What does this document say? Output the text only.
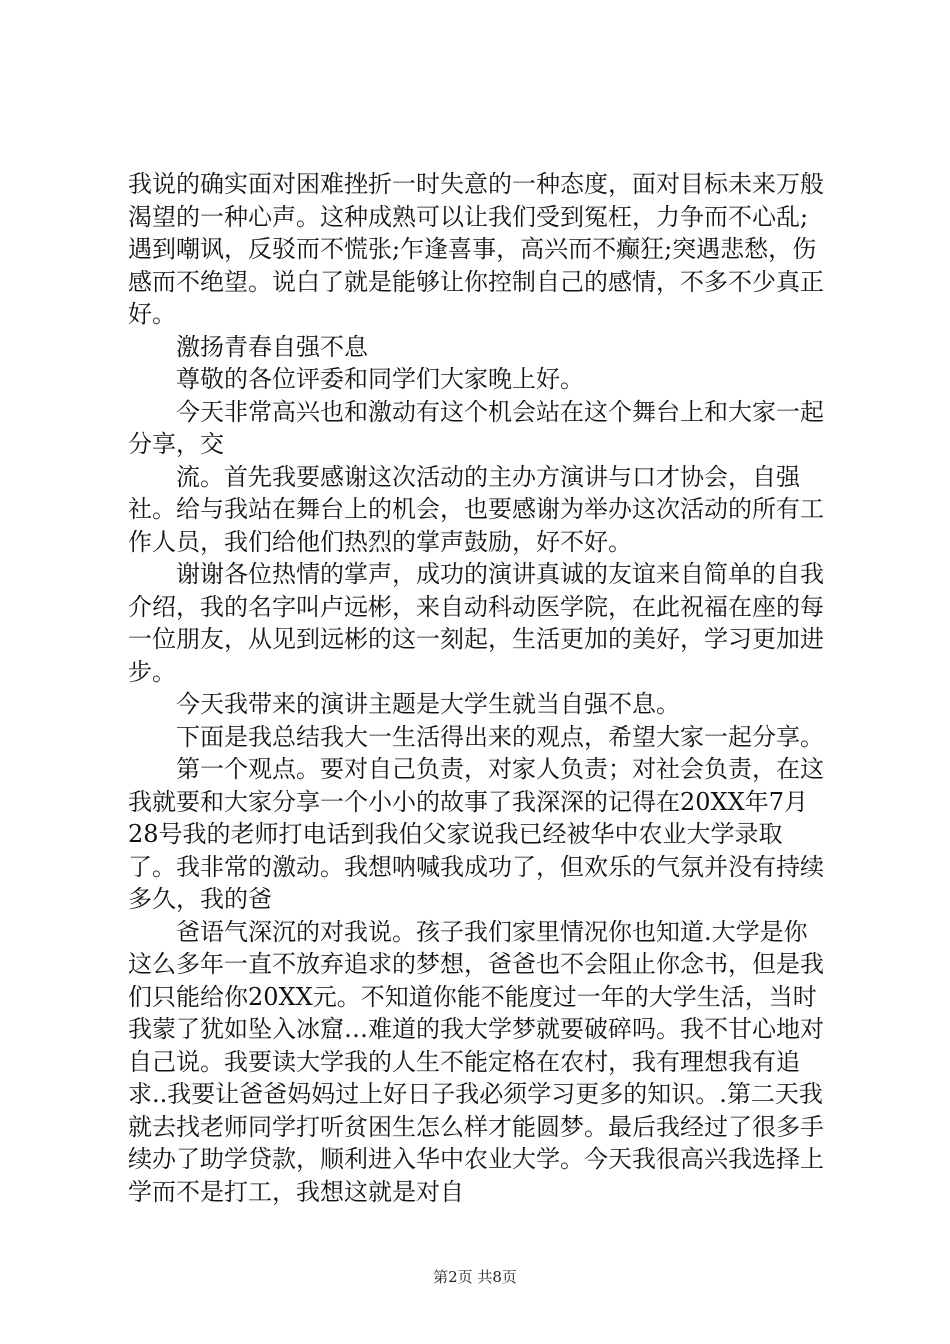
我说的确实面对困难挫折一时失意的一种态度，面对目标未来万般渴望的一种心声。这种成熟可以让我们受到冤枉，力争而不心乱;遇到嘲讽，反驳而不慌张;乍逢喜事，高兴而不癫狂;突遇悲愁，伤感而不绝望。说白了就是能够让你控制自己的感情，不多不少真正好。

激扬青春自强不息

尊敬的各位评委和同学们大家晚上好。

今天非常高兴也和激动有这个机会站在这个舞台上和大家一起分享，交

流。首先我要感谢这次活动的主办方演讲与口才协会，自强社。给与我站在舞台上的机会，也要感谢为举办这次活动的所有工作人员，我们给他们热烈的掌声鼓励，好不好。

谢谢各位热情的掌声，成功的演讲真诚的友谊来自简单的自我介绍，我的名字叫卢远彬，来自动科动医学院，在此祝福在座的每一位朋友，从见到远彬的这一刻起，生活更加的美好，学习更加进步。

今天我带来的演讲主题是大学生就当自强不息。

下面是我总结我大一生活得出来的观点，希望大家一起分享。

第一个观点。要对自己负责，对家人负责；对社会负责，在这我就要和大家分享一个小小的故事了我深深的记得在20XX年7月28号我的老师打电话到我伯父家说我已经被华中农业大学录取了。我非常的激动。我想呐喊我成功了，但欢乐的气氛并没有持续多久，我的爸

爸语气深沉的对我说。孩子我们家里情况你也知道.大学是你这么多年一直不放弃追求的梦想，爸爸也不会阻止你念书，但是我们只能给你20XX元。不知道你能不能度过一年的大学生活，当时我蒙了犹如坠入冰窟…难道的我大学梦就要破碎吗。我不甘心地对自己说。我要读大学我的人生不能定格在农村，我有理想我有追求..我要让爸爸妈妈过上好日子我必须学习更多的知识。.第二天我就去找老师同学打听贫困生怎么样才能圆梦。最后我经过了很多手续办了助学贷款，顺利进入华中农业大学。今天我很高兴我选择上学而不是打工，我想这就是对自

第2页 共8页
